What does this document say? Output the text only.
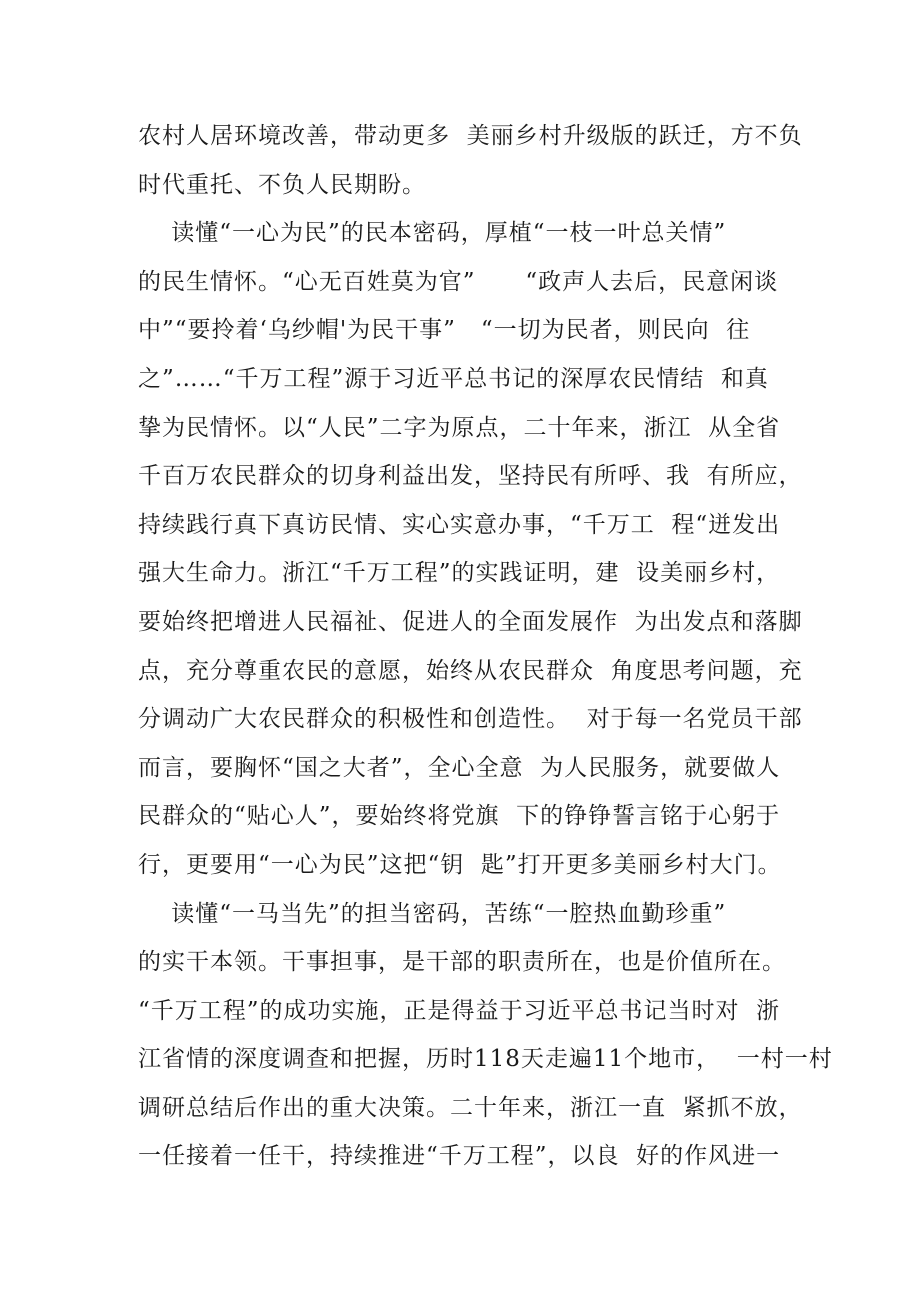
农村人居环境改善，带动更多  美丽乡村升级版的跃迁，方不负
时代重托、不负人民期盼。
读懂“一心为民”的民本密码，厚植“一枝一叶总关情”
的民生情怀。“心无百姓莫为官”      “政声人去后，民意闲谈
中”“要拎着‘乌纱帽'为民干事”   “一切为民者，则民向  往
之”……“千万工程”源于习近平总书记的深厚农民情结  和真
挚为民情怀。以“人民”二字为原点，二十年来，浙江  从全省
千百万农民群众的切身利益出发，坚持民有所呼、我  有所应，
持续践行真下真访民情、实心实意办事，“千万工  程“迸发出
强大生命力。浙江“千万工程”的实践证明，建  设美丽乡村，
要始终把增进人民福祉、促进人的全面发展作  为出发点和落脚
点，充分尊重农民的意愿，始终从农民群众  角度思考问题，充
分调动广大农民群众的积极性和创造性。  对于每一名党员干部
而言，要胸怀“国之大者”，全心全意  为人民服务，就要做人
民群众的“贴心人”，要始终将党旗  下的铮铮誓言铭于心躬于
行，更要用“一心为民”这把“钥  匙”打开更多美丽乡村大门。
读懂“一马当先”的担当密码，苦练“一腔热血勤珍重”
的实干本领。干事担事，是干部的职责所在，也是价值所在。
“千万工程”的成功实施，正是得益于习近平总书记当时对  浙
江省情的深度调查和把握，历时118天走遍11个地市，  一村一村
调研总结后作出的重大决策。二十年来，浙江一直  紧抓不放，
一任接着一任干，持续推进“千万工程”，以良  好的作风进一
